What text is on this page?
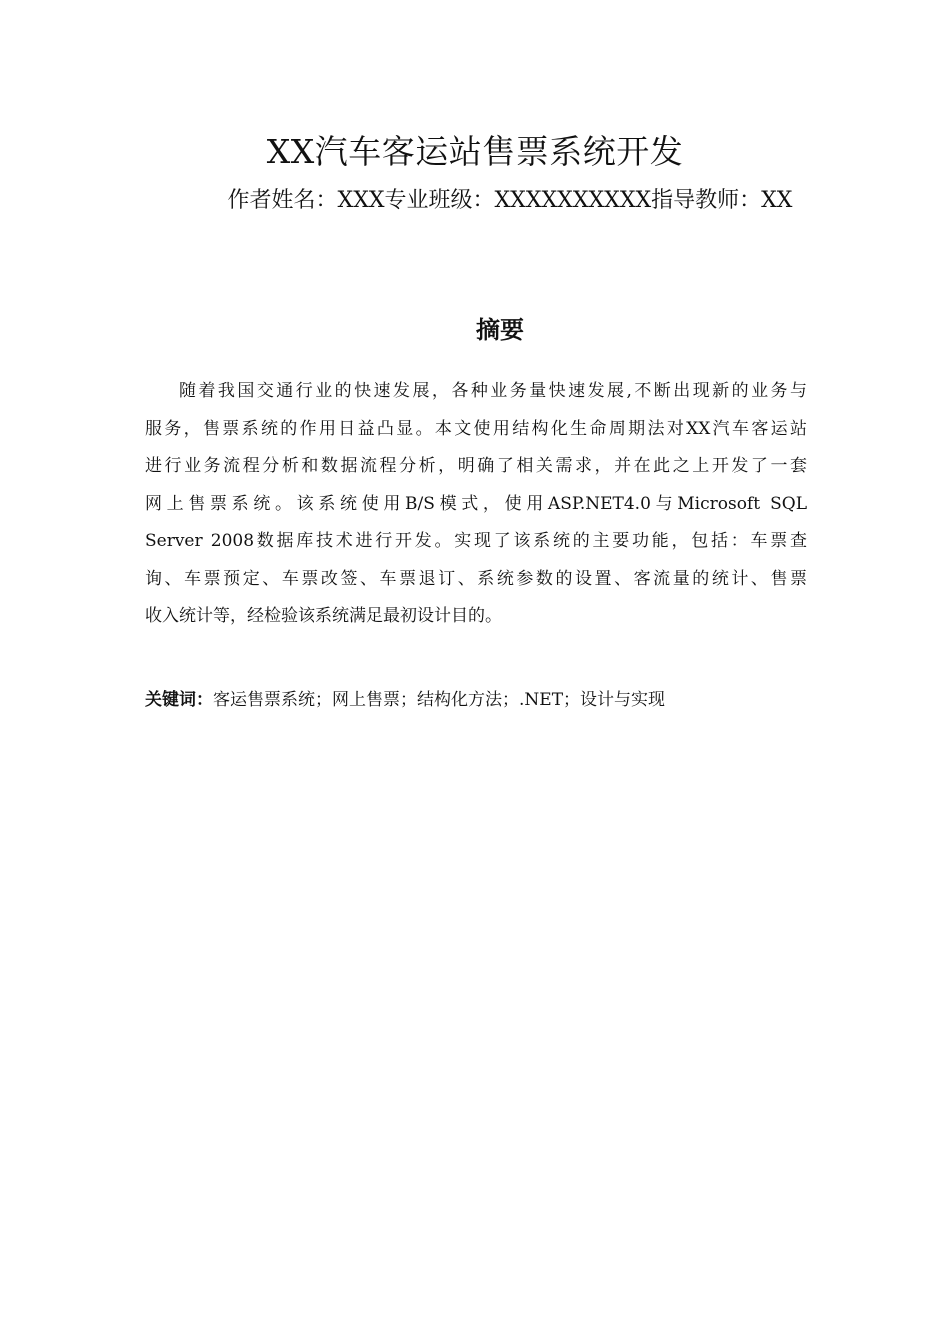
XX汽车客运站售票系统开发
作者姓名：XXX专业班级：XXXXXXXXXX指导教师：XX
摘要
随着我国交通行业的快速发展，各种业务量快速发展,不断出现新的业务与
服务，售票系统的作用日益凸显。本文使用结构化生命周期法对XX汽车客运站
进行业务流程分析和数据流程分析，明确了相关需求，并在此之上开发了一套
网上售票系统。该系统使用B/S模式，使用ASP.NET4.0与Microsoft SQL
Server 2008数据库技术进行开发。实现了该系统的主要功能，包括：车票查
询、车票预定、车票改签、车票退订、系统参数的设置、客流量的统计、售票
收入统计等，经检验该系统满足最初设计目的。
关键词：客运售票系统；网上售票；结构化方法；.NET；设计与实现
